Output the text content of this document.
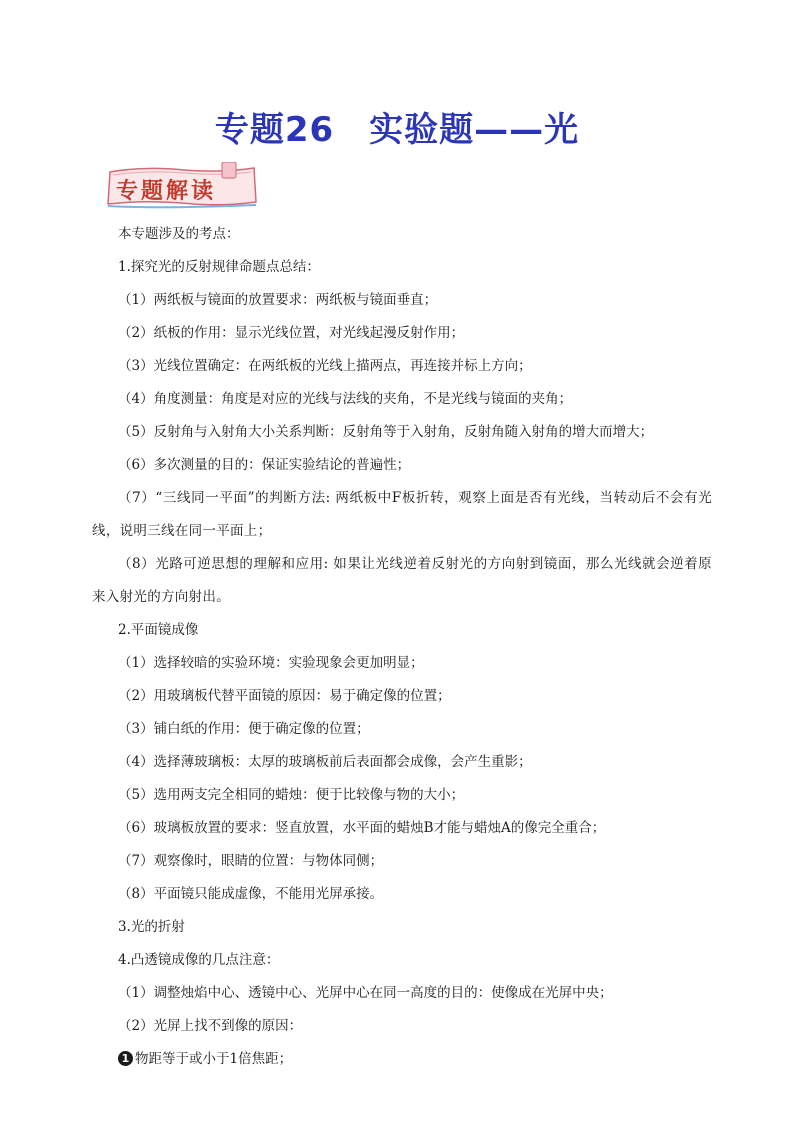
专题26　实验题——光
专题解读

本专题涉及的考点：

1.探究光的反射规律命题点总结：

（1）两纸板与镜面的放置要求：两纸板与镜面垂直；

（2）纸板的作用：显示光线位置，对光线起漫反射作用；

（3）光线位置确定：在两纸板的光线上描两点，再连接并标上方向；

（4）角度测量：角度是对应的光线与法线的夹角，不是光线与镜面的夹角；

（5）反射角与入射角大小关系判断：反射角等于入射角，反射角随入射角的增大而增大；

（6）多次测量的目的：保证实验结论的普遍性；

（7）“三线同一平面”的判断方法: 两纸板中F板折转，观察上面是否有光线，当转动后不会有光线，说明三线在同一平面上；

（8）光路可逆思想的理解和应用: 如果让光线逆着反射光的方向射到镜面，那么光线就会逆着原来入射光的方向射出。

2.平面镜成像

（1）选择较暗的实验环境：实验现象会更加明显；

（2）用玻璃板代替平面镜的原因：易于确定像的位置；

（3）铺白纸的作用：便于确定像的位置；

（4）选择薄玻璃板：太厚的玻璃板前后表面都会成像，会产生重影；

（5）选用两支完全相同的蜡烛：便于比较像与物的大小；

（6）玻璃板放置的要求：竖直放置，水平面的蜡烛B才能与蜡烛A的像完全重合；

（7）观察像时，眼睛的位置：与物体同侧；

（8）平面镜只能成虚像，不能用光屏承接。

3.光的折射

4.凸透镜成像的几点注意：

（1）调整烛焰中心、透镜中心、光屏中心在同一高度的目的：使像成在光屏中央；

（2）光屏上找不到像的原因：

1 物距等于或小于1倍焦距；
